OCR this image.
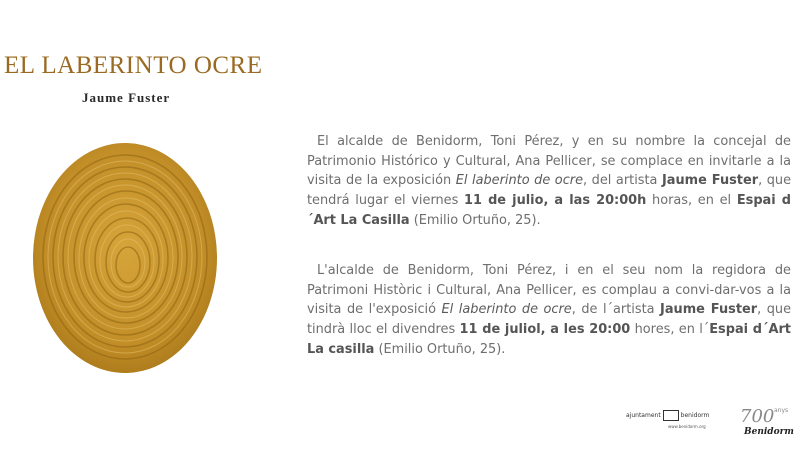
EL LABERINTO OCRE
Jaume Fuster

El alcalde de Benidorm, Toni Pérez, y en su nombre la concejal de Patrimonio Histórico y Cultural, Ana Pellicer, se complace en invitarle a la visita de la exposición El laberinto de ocre, del artista Jaume Fuster, que tendrá lugar el viernes 11 de julio, a las 20:00h horas, en el Espai d´Art La Casilla (Emilio Ortuño, 25).

L'alcalde de Benidorm, Toni Pérez, i en el seu nom la regidora de Patrimoni Històric i Cultural, Ana Pellicer, es complau a convi-dar-vos a la visita de l'exposició El laberinto de ocre, de l´artista Jaume Fuster, que tindrà lloc el divendres 11 de juliol, a les 20:00 hores, en l´Espai d´Art La casilla (Emilio Ortuño, 25).

ajuntament	benidorm
www.benidorm.org 700 anys
Benidorm
